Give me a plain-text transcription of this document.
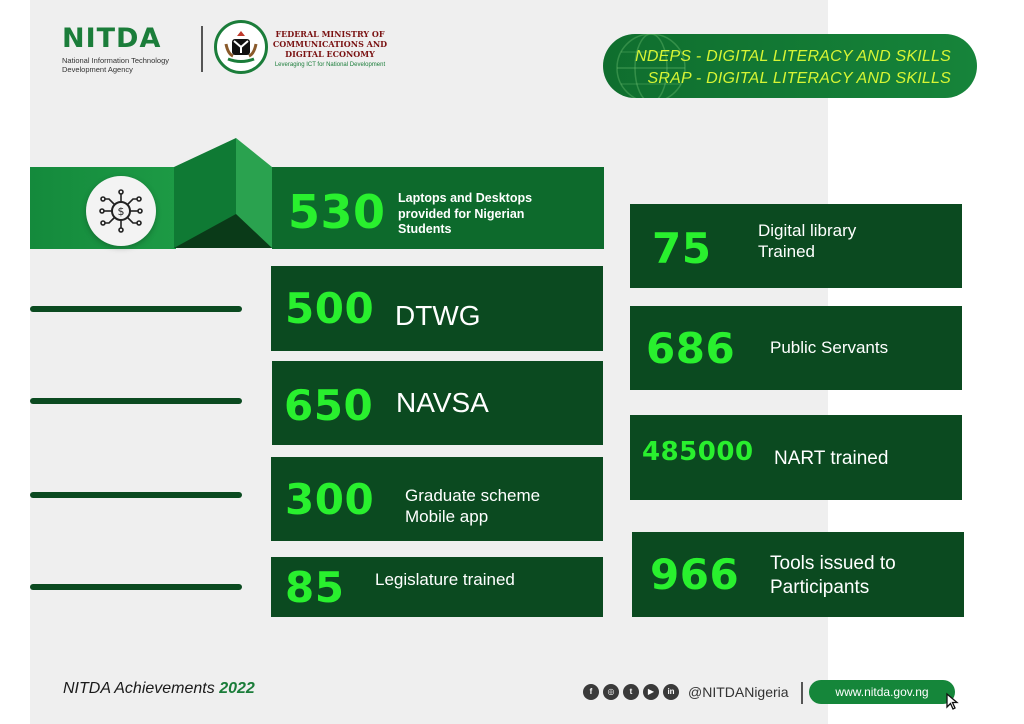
NITDA
National Information Technology Development Agency
FEDERAL MINISTRY OF COMMUNICATIONS AND DIGITAL ECONOMY
Leveraging ICT for National Development	NDEPS - DIGITAL LITERACY AND SKILLS
SRAP - DIGITAL LITERACY AND SKILLS
$	530 Laptops and Desktops provided for Nigerian Students
500 DTWG
650 NAVSA
300 Graduate scheme Mobile app
85 Legislature trained
75	Digital library Trained
686 Public Servants
485000 NART trained
966 Tools issued to Participants
NITDA Achievements 2022	f	◎	t	▶	in @NITDANigeria	www.nitda.gov.ng
